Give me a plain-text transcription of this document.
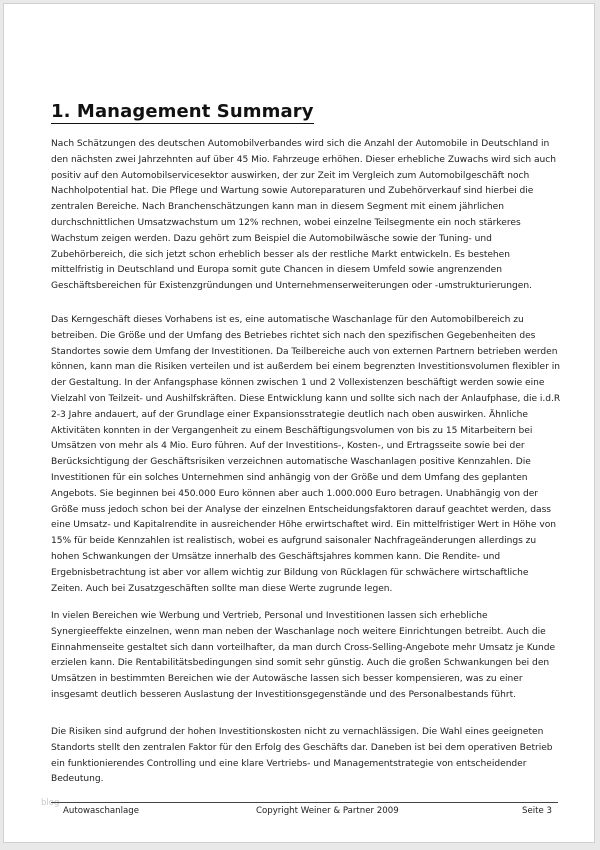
1. Management Summary

Nach Schätzungen des deutschen Automobilverbandes wird sich die Anzahl der Automobile in Deutschland in den nächsten zwei Jahrzehnten auf über 45 Mio. Fahrzeuge erhöhen. Dieser erhebliche Zuwachs wird sich auch positiv auf den Automobilservicesektor auswirken, der zur Zeit im Vergleich zum Automobilgeschäft noch Nachholpotential hat. Die Pflege und Wartung sowie Autoreparaturen und Zubehörverkauf sind hierbei die zentralen Bereiche. Nach Branchenschätzungen kann man in diesem Segment mit einem jährlichen durchschnittlichen Umsatzwachstum um 12% rechnen, wobei einzelne Teilsegmente ein noch stärkeres Wachstum zeigen werden. Dazu gehört zum Beispiel die Automobilwäsche sowie der Tuning- und Zubehörbereich, die sich jetzt schon erheblich besser als der restliche Markt entwickeln. Es bestehen mittelfristig in Deutschland und Europa somit gute Chancen in diesem Umfeld sowie angrenzenden Geschäftsbereichen für Existenzgründungen und Unternehmenserweiterungen oder -umstrukturierungen.

Das Kerngeschäft dieses Vorhabens ist es, eine automatische Waschanlage für den Automobilbereich zu betreiben. Die Größe und der Umfang des Betriebes richtet sich nach den spezifischen Gegebenheiten des Standortes sowie dem Umfang der Investitionen. Da Teilbereiche auch von externen Partnern betrieben werden können, kann man die Risiken verteilen und ist außerdem bei einem begrenzten Investitionsvolumen flexibler in der Gestaltung. In der Anfangsphase können zwischen 1 und 2 Vollexistenzen beschäftigt werden sowie eine Vielzahl von Teilzeit- und Aushilfskräften. Diese Entwicklung kann und sollte sich nach der Anlaufphase, die i.d.R 2-3 Jahre andauert, auf der Grundlage einer Expansionsstrategie deutlich nach oben auswirken. Ähnliche Aktivitäten konnten in der Vergangenheit zu einem Beschäftigungsvolumen von bis zu 15 Mitarbeitern bei Umsätzen von mehr als 4 Mio. Euro führen. Auf der Investitions-, Kosten-, und Ertragsseite sowie bei der Berücksichtigung der Geschäftsrisiken verzeichnen automatische Waschanlagen positive Kennzahlen. Die Investitionen für ein solches Unternehmen sind anhängig von der Größe und dem Umfang des geplanten Angebots. Sie beginnen bei 450.000 Euro können aber auch 1.000.000 Euro betragen. Unabhängig von der Größe muss jedoch schon bei der Analyse der einzelnen Entscheidungsfaktoren darauf geachtet werden, dass eine Umsatz- und Kapitalrendite in ausreichender Höhe erwirtschaftet wird. Ein mittelfristiger Wert in Höhe von 15% für beide Kennzahlen ist realistisch, wobei es aufgrund saisonaler Nachfrageänderungen allerdings zu hohen Schwankungen der Umsätze innerhalb des Geschäftsjahres kommen kann. Die Rendite- und Ergebnisbetrachtung ist aber vor allem wichtig zur Bildung von Rücklagen für schwächere wirtschaftliche Zeiten. Auch bei Zusatzgeschäften sollte man diese Werte zugrunde legen.

In vielen Bereichen wie Werbung und Vertrieb, Personal und Investitionen lassen sich erhebliche Synergieeffekte einzelnen, wenn man neben der Waschanlage noch weitere Einrichtungen betreibt. Auch die Einnahmenseite gestaltet sich dann vorteilhafter, da man durch Cross-Selling-Angebote mehr Umsatz je Kunde erzielen kann. Die Rentabilitätsbedingungen sind somit sehr günstig. Auch die großen Schwankungen bei den Umsätzen in bestimmten Bereichen wie der Autowäsche lassen sich besser kompensieren, was zu einer insgesamt deutlich besseren Auslastung der Investitionsgegenstände und des Personalbestands führt.

Die Risiken sind aufgrund der hohen Investitionskosten nicht zu vernachlässigen. Die Wahl eines geeigneten Standorts stellt den zentralen Faktor für den Erfolg des Geschäfts dar. Daneben ist bei dem operativen Betrieb ein funktionierendes Controlling und eine klare Vertriebs- und Managementstrategie von entscheidender Bedeutung.

blog
Autowaschanlage	Copyright Weiner & Partner 2009	Seite 3
